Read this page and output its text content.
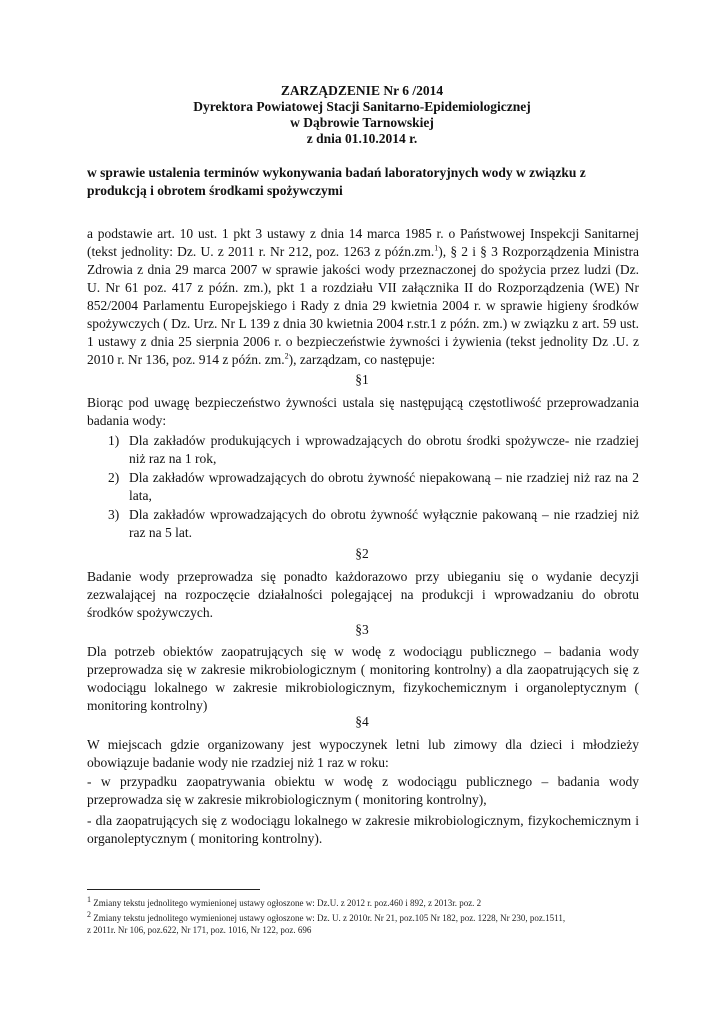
ZARZĄDZENIE Nr 6 /2014
Dyrektora Powiatowej Stacji Sanitarno-Epidemiologicznej
w Dąbrowie Tarnowskiej
z dnia 01.10.2014 r.
w sprawie ustalenia terminów wykonywania badań laboratoryjnych wody w związku z produkcją i obrotem środkami spożywczymi
a podstawie art. 10 ust. 1 pkt 3 ustawy z dnia 14 marca 1985 r. o Państwowej Inspekcji Sanitarnej (tekst jednolity: Dz. U. z 2011 r. Nr 212, poz. 1263 z późn.zm.$^1$), § 2 i § 3 Rozporządzenia Ministra Zdrowia z dnia 29 marca 2007 w sprawie jakości wody przeznaczonej do spożycia przez ludzi (Dz. U. Nr 61 poz. 417 z późn. zm.), pkt 1 a rozdziału VII załącznika II do Rozporządzenia (WE) Nr 852/2004 Parlamentu Europejskiego i Rady z dnia 29 kwietnia 2004 r. w sprawie higieny środków spożywczych ( Dz. Urz. Nr L 139 z dnia 30 kwietnia 2004 r.str.1 z późn. zm.) w związku z art. 59 ust. 1 ustawy z dnia 25 sierpnia 2006 r. o bezpieczeństwie żywności i żywienia (tekst jednolity Dz .U. z 2010 r. Nr 136, poz. 914 z późn. zm.$^2$), zarządzam, co następuje:
§1
Biorąc pod uwagę bezpieczeństwo żywności ustala się następującą częstotliwość przeprowadzania badania wody:
1) Dla zakładów produkujących i wprowadzających do obrotu środki spożywcze- nie rzadziej niż raz na 1 rok,
2) Dla zakładów wprowadzających do obrotu żywność niepakowaną – nie rzadziej niż raz na 2 lata,
3) Dla zakładów wprowadzających do obrotu żywność wyłącznie pakowaną – nie rzadziej niż raz na 5 lat.
§2
Badanie wody przeprowadza się ponadto każdorazowo przy ubieganiu się o wydanie decyzji zezwalającej na rozpoczęcie działalności polegającej na produkcji i wprowadzaniu do obrotu środków spożywczych.
§3
Dla potrzeb obiektów zaopatrujących się w wodę z wodociągu publicznego – badania wody przeprowadza się w zakresie mikrobiologicznym ( monitoring kontrolny) a dla zaopatrujących się z wodociągu lokalnego w zakresie mikrobiologicznym, fizykochemicznym i organoleptycznym ( monitoring kontrolny)
§4
W miejscach gdzie organizowany jest wypoczynek letni lub zimowy dla dzieci i młodzieży obowiązuje badanie wody nie rzadziej niż 1 raz w roku:
- w przypadku zaopatrywania obiektu w wodę z wodociągu publicznego – badania wody przeprowadza się w zakresie mikrobiologicznym ( monitoring kontrolny),
- dla zaopatrujących się z wodociągu lokalnego w zakresie mikrobiologicznym, fizykochemicznym i organoleptycznym ( monitoring kontrolny).
$^1$ Zmiany tekstu jednolitego wymienionej ustawy ogłoszone w: Dz.U. z 2012 r. poz.460 i 892, z 2013r. poz. 2
$^2$ Zmiany tekstu jednolitego wymienionej ustawy ogłoszone w: Dz. U. z 2010r. Nr 21, poz.105 Nr 182, poz. 1228, Nr 230, poz.1511,
z 2011r. Nr 106, poz.622, Nr 171, poz. 1016, Nr 122, poz. 696
